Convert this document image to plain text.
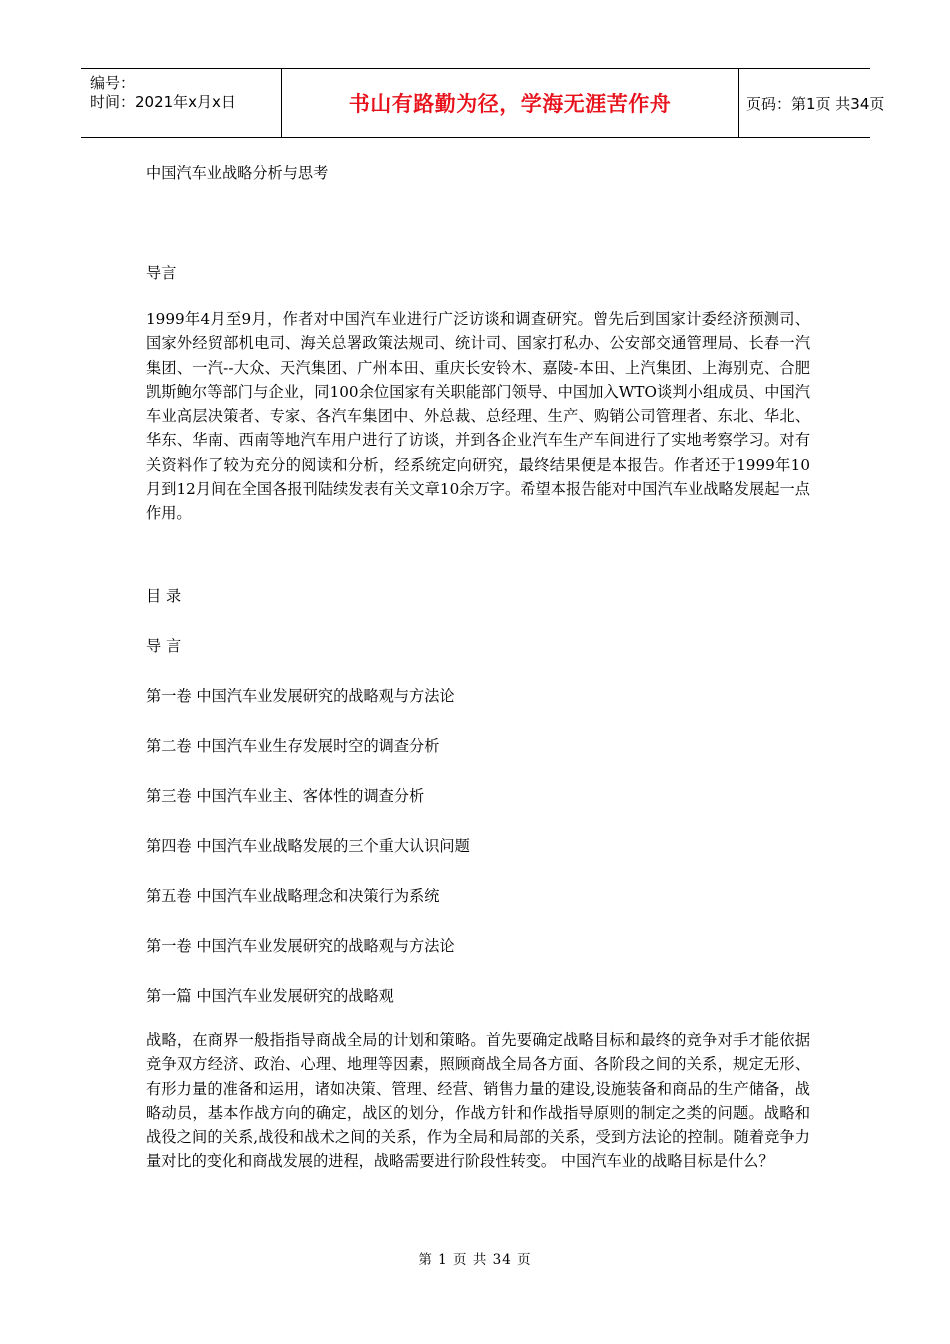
编号：
时间：2021年x月x日	书山有路勤为径，学海无涯苦作舟	页码：第1页 共34页
中国汽车业战略分析与思考
导言
1999年4月至9月，作者对中国汽车业进行广泛访谈和调查研究。曾先后到国家计委经济预测司、国家外经贸部机电司、海关总署政策法规司、统计司、国家打私办、公安部交通管理局、长春一汽集团、一汽--大众、天汽集团、广州本田、重庆长安铃木、嘉陵-本田、上汽集团、上海别克、合肥凯斯鲍尔等部门与企业，同100余位国家有关职能部门领导、中国加入WTO谈判小组成员、中国汽车业高层决策者、专家、各汽车集团中、外总裁、总经理、生产、购销公司管理者、东北、华北、华东、华南、西南等地汽车用户进行了访谈，并到各企业汽车生产车间进行了实地考察学习。对有关资料作了较为充分的阅读和分析，经系统定向研究，最终结果便是本报告。作者还于1999年10月到12月间在全国各报刊陆续发表有关文章10余万字。希望本报告能对中国汽车业战略发展起一点作用。
目 录
导 言
第一卷 中国汽车业发展研究的战略观与方法论
第二卷 中国汽车业生存发展时空的调查分析
第三卷 中国汽车业主、客体性的调查分析
第四卷 中国汽车业战略发展的三个重大认识问题
第五卷 中国汽车业战略理念和决策行为系统
第一卷 中国汽车业发展研究的战略观与方法论
第一篇 中国汽车业发展研究的战略观
战略，在商界一般指指导商战全局的计划和策略。首先要确定战略目标和最终的竞争对手才能依据竞争双方经济、政治、心理、地理等因素，照顾商战全局各方面、各阶段之间的关系，规定无形、有形力量的准备和运用，诸如决策、管理、经营、销售力量的建设,设施装备和商品的生产储备，战略动员，基本作战方向的确定，战区的划分，作战方针和作战指导原则的制定之类的问题。战略和战役之间的关系,战役和战术之间的关系，作为全局和局部的关系，受到方法论的控制。随着竞争力量对比的变化和商战发展的进程，战略需要进行阶段性转变。 中国汽车业的战略目标是什么？
第 1 页 共 34 页
